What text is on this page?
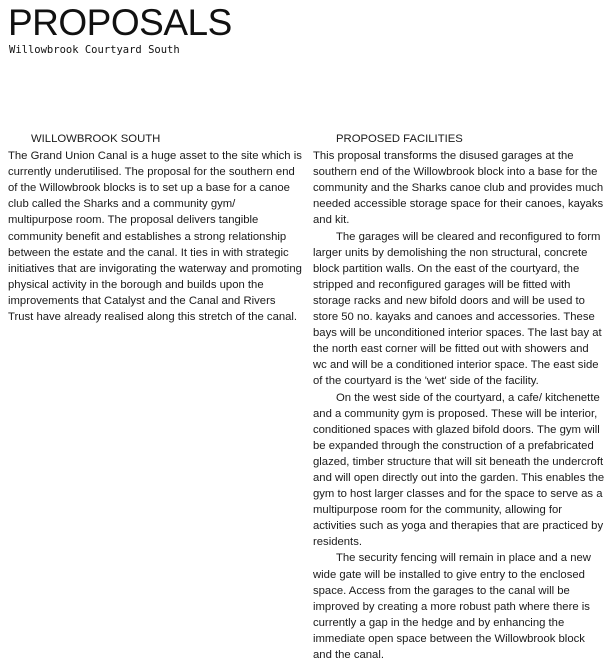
PROPOSALS
Willowbrook Courtyard South
WILLOWBROOK SOUTH

The Grand Union Canal is a huge asset to the site which is currently underutilised. The proposal for the southern end of the Willowbrook blocks is to set up a base for a canoe club called the Sharks and a community gym/ multipurpose room. The proposal delivers tangible community benefit and establishes a strong relationship between the estate and the canal. It ties in with strategic initiatives that are invigorating the waterway and promoting physical activity in the borough and builds upon the improvements that Catalyst and the Canal and Rivers Trust have already realised along this stretch of the canal.

PROPOSED FACILITIES

This proposal transforms the disused garages at the southern end of the Willowbrook block into a base for the community and the Sharks canoe club and provides much needed accessible storage space for their canoes, kayaks and kit.

The garages will be cleared and reconfigured to form larger units by demolishing the non structural, concrete block partition walls. On the east of the courtyard, the stripped and reconfigured garages will be fitted with storage racks and new bifold doors and will be used to store 50 no. kayaks and canoes and accessories. These bays will be unconditioned interior spaces. The last bay at the north east corner will be fitted out with showers and wc and will be a conditioned interior space. The east side of the courtyard is the 'wet' side of the facility.

On the west side of the courtyard, a cafe/ kitchenette and a community gym is proposed. These will be interior, conditioned spaces with glazed bifold doors. The gym will be expanded through the construction of a prefabricated glazed, timber structure that will sit beneath the undercroft and will open directly out into the garden. This enables the gym to host larger classes and for the space to serve as a multipurpose room for the community, allowing for activities such as yoga and therapies that are practiced by residents.

The security fencing will remain in place and a new wide gate will be installed to give entry to the enclosed space. Access from the garages to the canal will be improved by creating a more robust path where there is currently a gap in the hedge and by enhancing the immediate open space between the Willowbrook block and the canal.
